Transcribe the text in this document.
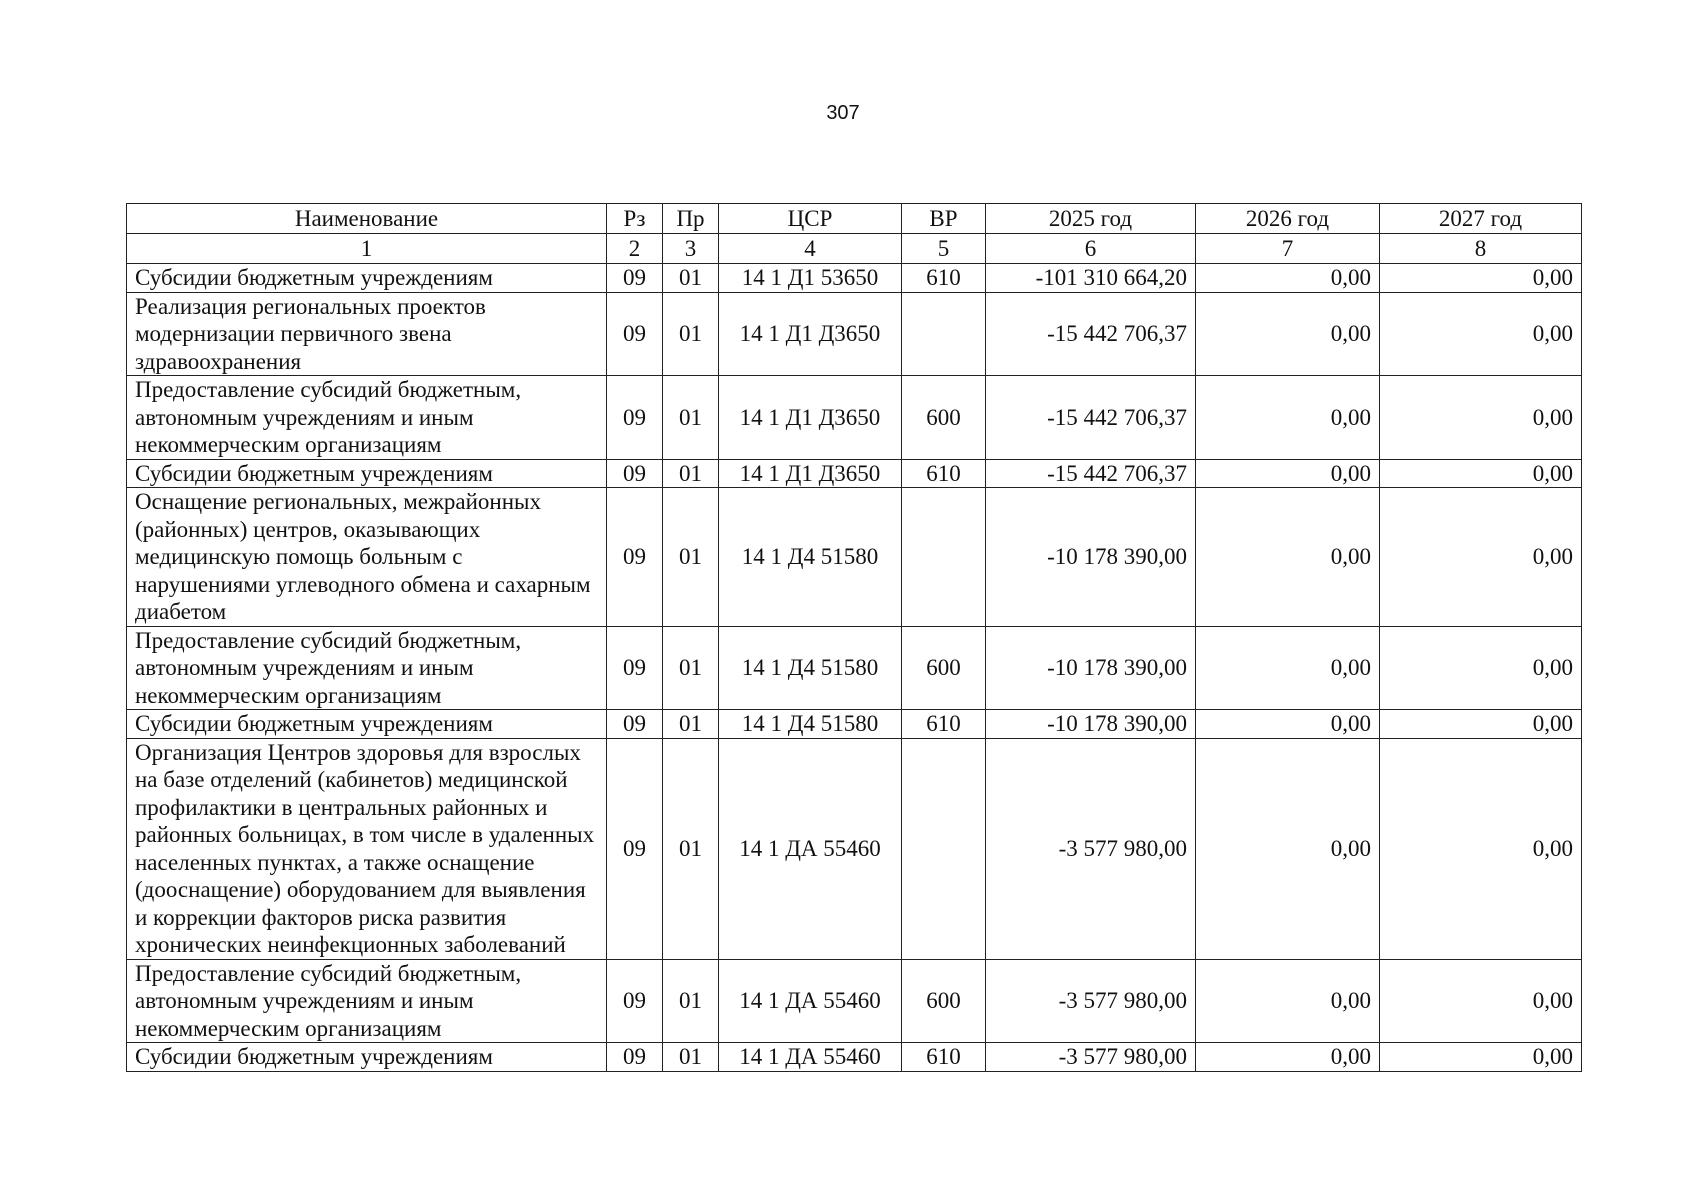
307
Наименование	Рз	Пр	ЦСР	ВР	2025 год	2026 год	2027 год
1	2	3	4	5	6	7	8
Субсидии бюджетным учреждениям	09	01	14 1 Д1 53650	610	-101 310 664,20	0,00	0,00
Реализация региональных проектов модернизации первичного звена здравоохранения	09	01	14 1 Д1 Д3650		-15 442 706,37	0,00	0,00
Предоставление субсидий бюджетным, автономным учреждениям и иным некоммерческим организациям	09	01	14 1 Д1 Д3650	600	-15 442 706,37	0,00	0,00
Субсидии бюджетным учреждениям	09	01	14 1 Д1 Д3650	610	-15 442 706,37	0,00	0,00
Оснащение региональных, межрайонных (районных) центров, оказывающих медицинскую помощь больным с нарушениями углеводного обмена и сахарным диабетом	09	01	14 1 Д4 51580		-10 178 390,00	0,00	0,00
Предоставление субсидий бюджетным, автономным учреждениям и иным некоммерческим организациям	09	01	14 1 Д4 51580	600	-10 178 390,00	0,00	0,00
Субсидии бюджетным учреждениям	09	01	14 1 Д4 51580	610	-10 178 390,00	0,00	0,00
Организация Центров здоровья для взрослых на базе отделений (кабинетов) медицинской профилактики в центральных районных и районных больницах, в том числе в удаленных населенных пунктах, а также оснащение (дооснащение) оборудованием для выявления и коррекции факторов риска развития хронических неинфекционных заболеваний	09	01	14 1 ДА 55460		-3 577 980,00	0,00	0,00
Предоставление субсидий бюджетным, автономным учреждениям и иным некоммерческим организациям	09	01	14 1 ДА 55460	600	-3 577 980,00	0,00	0,00
Субсидии бюджетным учреждениям	09	01	14 1 ДА 55460	610	-3 577 980,00	0,00	0,00
